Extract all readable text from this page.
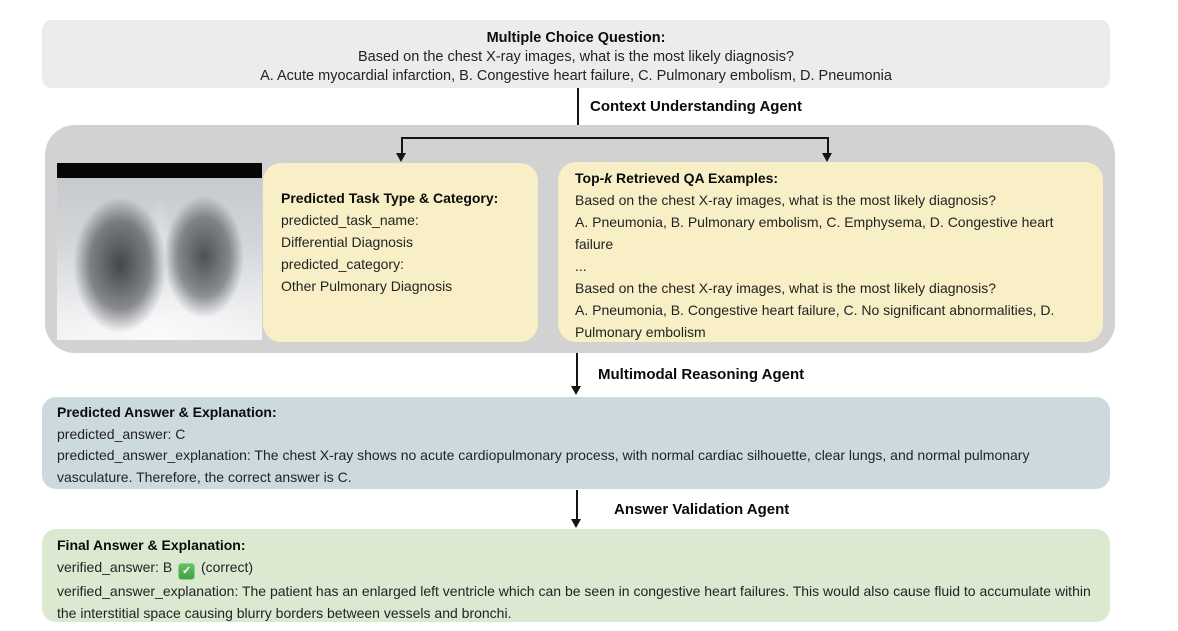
Multiple Choice Question:
Based on the chest X-ray images, what is the most likely diagnosis?
A. Acute myocardial infarction, B. Congestive heart failure, C. Pulmonary embolism, D. Pneumonia
Context Understanding Agent
Predicted Task Type & Category:
predicted_task_name:
Differential Diagnosis
predicted_category:
Other Pulmonary Diagnosis
Top-k Retrieved QA Examples:
Based on the chest X-ray images, what is the most likely diagnosis?
A. Pneumonia, B. Pulmonary embolism, C. Emphysema, D. Congestive heart failure
...
Based on the chest X-ray images, what is the most likely diagnosis?
A. Pneumonia, B. Congestive heart failure, C. No significant abnormalities, D. Pulmonary embolism
Multimodal Reasoning Agent
Predicted Answer & Explanation:
predicted_answer: C
predicted_answer_explanation: The chest X-ray shows no acute cardiopulmonary process, with normal cardiac silhouette, clear lungs, and normal pulmonary vasculature. Therefore, the correct answer is C.
Answer Validation Agent
Final Answer & Explanation:
verified_answer: B ✓ (correct)
verified_answer_explanation: The patient has an enlarged left ventricle which can be seen in congestive heart failures. This would also cause fluid to accumulate within the interstitial space causing blurry borders between vessels and bronchi.
